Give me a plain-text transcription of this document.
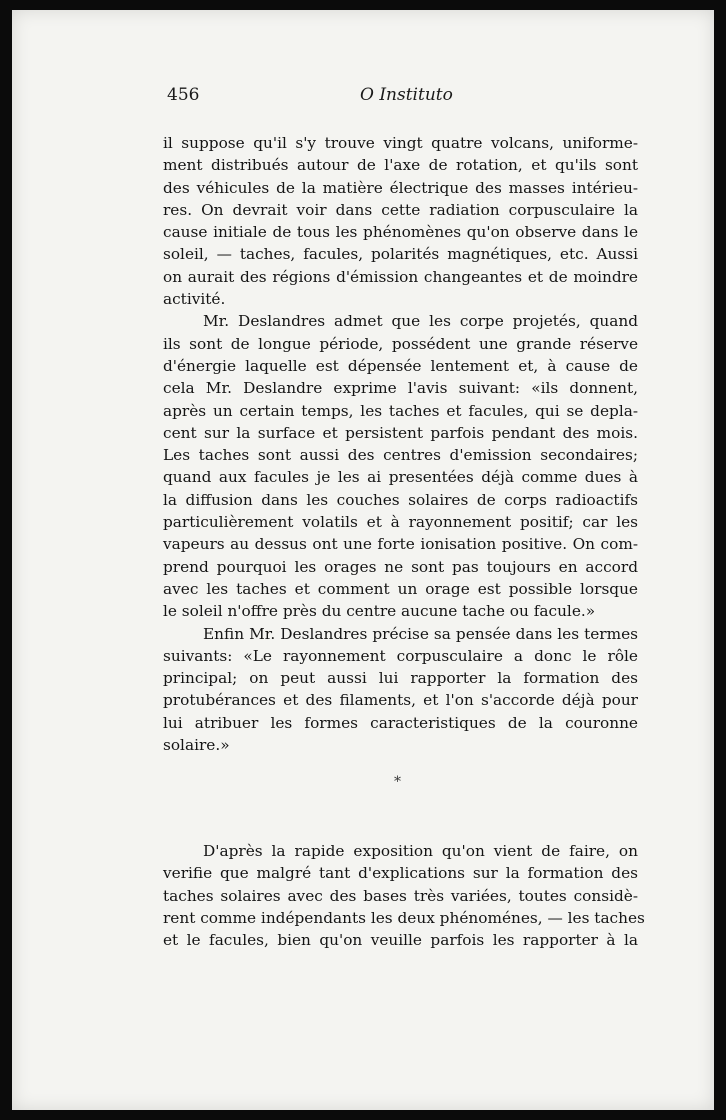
456	O Instituto
il suppose qu'il s'y trouve vingt quatre volcans, uniforme-
ment distribués autour de l'axe de rotation, et qu'ils sont
des véhicules de la matière électrique des masses intérieu-
res. On devrait voir dans cette radiation corpusculaire la
cause initiale de tous les phénomènes qu'on observe dans le
soleil, — taches, facules, polarités magnétiques, etc. Aussi
on aurait des régions d'émission changeantes et de moindre
activité.
Mr. Deslandres admet que les corpe projetés, quand
ils sont de longue période, possédent une grande réserve
d'énergie laquelle est dépensée lentement et, à cause de
cela Mr. Deslandre exprime l'avis suivant: «ils donnent,
après un certain temps, les taches et facules, qui se depla-
cent sur la surface et persistent parfois pendant des mois.
Les taches sont aussi des centres d'emission secondaires;
quand aux facules je les ai presentées déjà comme dues à
la diffusion dans les couches solaires de corps radioactifs
particulièrement volatils et à rayonnement positif; car les
vapeurs au dessus ont une forte ionisation positive. On com-
prend pourquoi les orages ne sont pas toujours en accord
avec les taches et comment un orage est possible lorsque
le soleil n'offre près du centre aucune tache ou facule.»
Enfin Mr. Deslandres précise sa pensée dans les termes
suivants: «Le rayonnement corpusculaire a donc le rôle
principal; on peut aussi lui rapporter la formation des
protubérances et des filaments, et l'on s'accorde déjà pour
lui atribuer les formes caracteristiques de la couronne
solaire.»
*
D'après la rapide exposition qu'on vient de faire, on
verifie que malgré tant d'explications sur la formation des
taches solaires avec des bases très variées, toutes considè-
rent comme indépendants les deux phénoménes, — les taches
et le facules, bien qu'on veuille parfois les rapporter à la
